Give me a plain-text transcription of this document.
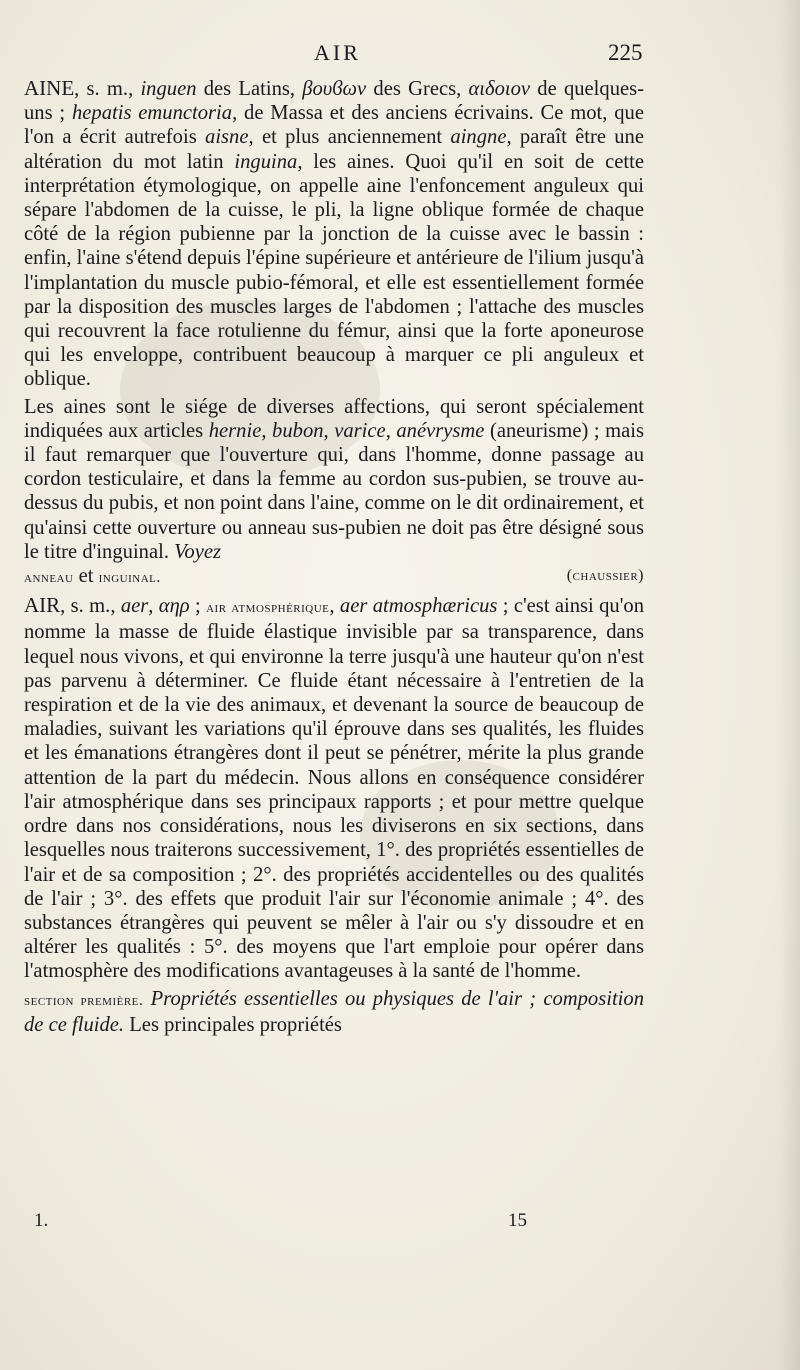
AIR	225

AINE, s. m., inguen des Latins, βουϐων des Grecs, αιδοιον de quelques-uns ; hepatis emunctoria, de Massa et des anciens écrivains. Ce mot, que l'on a écrit autrefois aisne, et plus anciennement aingne, paraît être une altération du mot latin inguina, les aines. Quoi qu'il en soit de cette interprétation étymologique, on appelle aine l'enfoncement anguleux qui sépare l'abdomen de la cuisse, le pli, la ligne oblique formée de chaque côté de la région pubienne par la jonction de la cuisse avec le bassin : enfin, l'aine s'étend depuis l'épine supérieure et antérieure de l'ilium jusqu'à l'implantation du muscle pubio-fémoral, et elle est essentiellement formée par la disposition des muscles larges de l'abdomen ; l'attache des muscles qui recouvrent la face rotulienne du fémur, ainsi que la forte aponeurose qui les enveloppe, contribuent beaucoup à marquer ce pli anguleux et oblique.

Les aines sont le siége de diverses affections, qui seront spécialement indiquées aux articles hernie, bubon, varice, anévrysme (aneurisme) ; mais il faut remarquer que l'ouverture qui, dans l'homme, donne passage au cordon testiculaire, et dans la femme au cordon sus-pubien, se trouve au-dessus du pubis, et non point dans l'aine, comme on le dit ordinairement, et qu'ainsi cette ouverture ou anneau sus-pubien ne doit pas être désigné sous le titre d'inguinal. Voyez
anneau et inguinal.	(chaussier)

AIR, s. m., aer, αηρ ; air atmosphérique, aer atmosphæricus ; c'est ainsi qu'on nomme la masse de fluide élastique invisible par sa transparence, dans lequel nous vivons, et qui environne la terre jusqu'à une hauteur qu'on n'est pas parvenu à déterminer. Ce fluide étant nécessaire à l'entretien de la respiration et de la vie des animaux, et devenant la source de beaucoup de maladies, suivant les variations qu'il éprouve dans ses qualités, les fluides et les émanations étrangères dont il peut se pénétrer, mérite la plus grande attention de la part du médecin. Nous allons en conséquence considérer l'air atmosphérique dans ses principaux rapports ; et pour mettre quelque ordre dans nos considérations, nous les diviserons en six sections, dans lesquelles nous traiterons successivement, 1°. des propriétés essentielles de l'air et de sa composition ; 2°. des propriétés accidentelles ou des qualités de l'air ; 3°. des effets que produit l'air sur l'économie animale ; 4°. des substances étrangères qui peuvent se mêler à l'air ou s'y dissoudre et en altérer les qualités : 5°. des moyens que l'art emploie pour opérer dans l'atmosphère des modifications avantageuses à la santé de l'homme.

section première. Propriétés essentielles ou physiques de l'air ; composition de ce fluide. Les principales propriétés

1.	15
